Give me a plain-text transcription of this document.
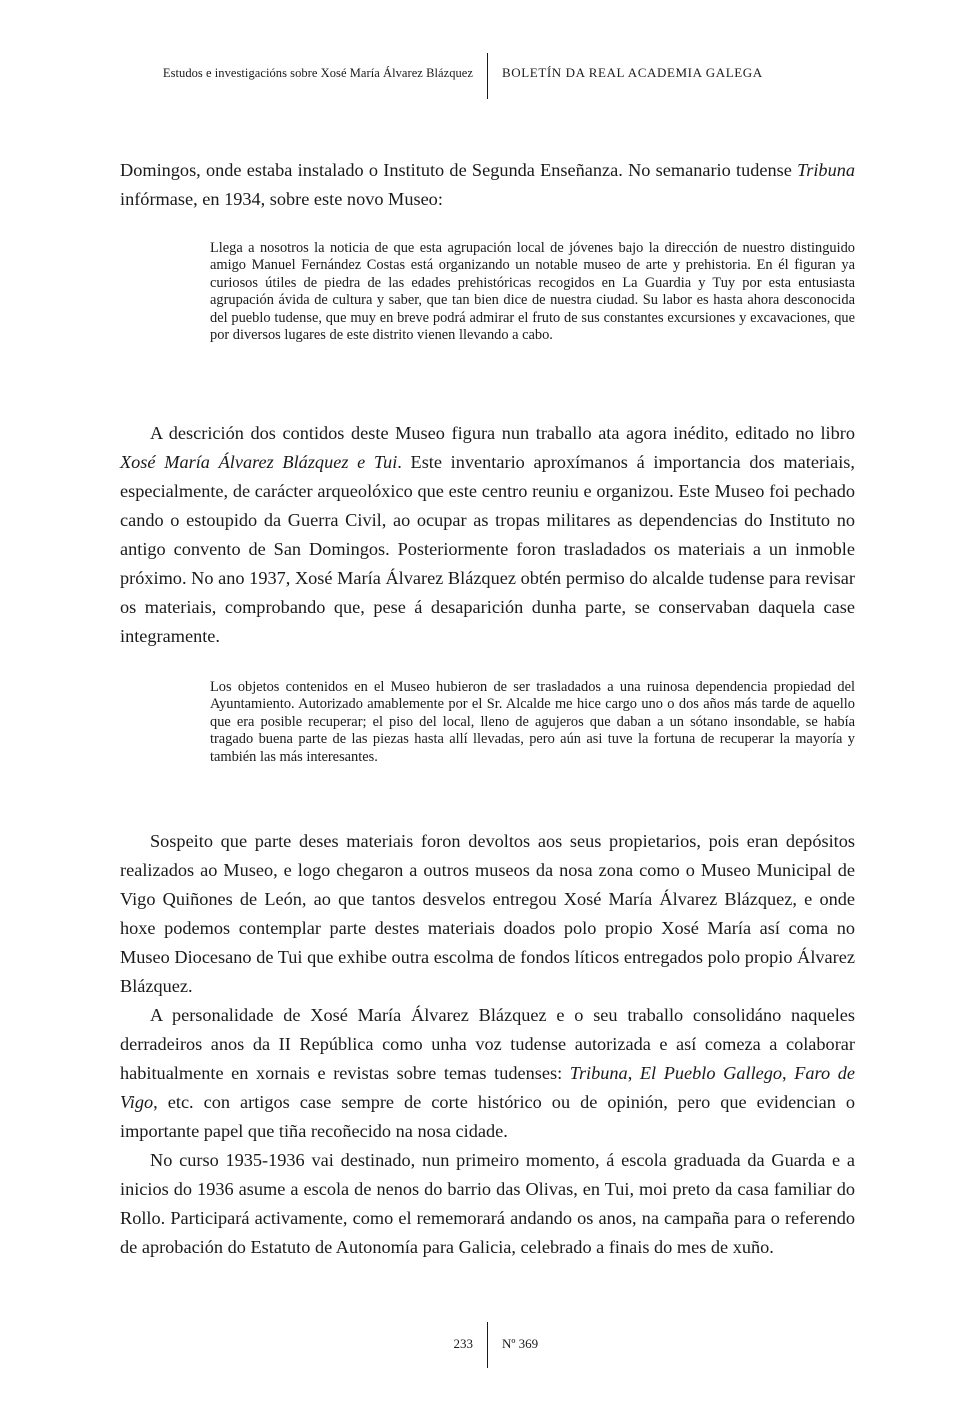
Estudos e investigacións sobre Xosé María Álvarez Blázquez BOLETÍN DA REAL ACADEMIA GALEGA

Domingos, onde estaba instalado o Instituto de Segunda Enseñanza. No semanario tudense Tribuna infórmase, en 1934, sobre este novo Museo:

Llega a nosotros la noticia de que esta agrupación local de jóvenes bajo la dirección de nuestro distinguido amigo Manuel Fernández Costas está organizando un notable museo de arte y prehistoria. En él figuran ya curiosos útiles de piedra de las edades prehistóricas recogidos en La Guardia y Tuy por esta entusiasta agrupación ávida de cultura y saber, que tan bien dice de nuestra ciudad. Su labor es hasta ahora desconocida del pueblo tudense, que muy en breve podrá admirar el fruto de sus constantes excursiones y excavaciones, que por diversos lugares de este distrito vienen llevando a cabo.

A descrición dos contidos deste Museo figura nun traballo ata agora inédito, editado no libro Xosé María Álvarez Blázquez e Tui. Este inventario aproxímanos á importancia dos materiais, especialmente, de carácter arqueolóxico que este centro reuniu e organizou. Este Museo foi pechado cando o estoupido da Guerra Civil, ao ocupar as tropas militares as dependencias do Instituto no antigo convento de San Domingos. Posteriormente foron trasladados os materiais a un inmoble próximo. No ano 1937, Xosé María Álvarez Blázquez obtén permiso do alcalde tudense para revisar os materiais, comprobando que, pese á desaparición dunha parte, se conservaban daquela case integramente.

Los objetos contenidos en el Museo hubieron de ser trasladados a una ruinosa dependencia propiedad del Ayuntamiento. Autorizado amablemente por el Sr. Alcalde me hice cargo uno o dos años más tarde de aquello que era posible recuperar; el piso del local, lleno de agujeros que daban a un sótano insondable, se había tragado buena parte de las piezas hasta allí llevadas, pero aún asi tuve la fortuna de recuperar la mayoría y también las más interesantes.

Sospeito que parte deses materiais foron devoltos aos seus propietarios, pois eran depósitos realizados ao Museo, e logo chegaron a outros museos da nosa zona como o Museo Municipal de Vigo Quiñones de León, ao que tantos desvelos entregou Xosé María Álvarez Blázquez, e onde hoxe podemos contemplar parte destes materiais doados polo propio Xosé María así coma no Museo Diocesano de Tui que exhibe outra escolma de fondos líticos entregados polo propio Álvarez Blázquez.

A personalidade de Xosé María Álvarez Blázquez e o seu traballo consolidáno naqueles derradeiros anos da II República como unha voz tudense autorizada e así comeza a colaborar habitualmente en xornais e revistas sobre temas tudenses: Tribuna, El Pueblo Gallego, Faro de Vigo, etc. con artigos case sempre de corte histórico ou de opinión, pero que evidencian o importante papel que tiña recoñecido na nosa cidade.

No curso 1935-1936 vai destinado, nun primeiro momento, á escola graduada da Guarda e a inicios do 1936 asume a escola de nenos do barrio das Olivas, en Tui, moi preto da casa familiar do Rollo. Participará activamente, como el rememorará andando os anos, na campaña para o referendo de aprobación do Estatuto de Autonomía para Galicia, celebrado a finais do mes de xuño.

233 Nº 369
